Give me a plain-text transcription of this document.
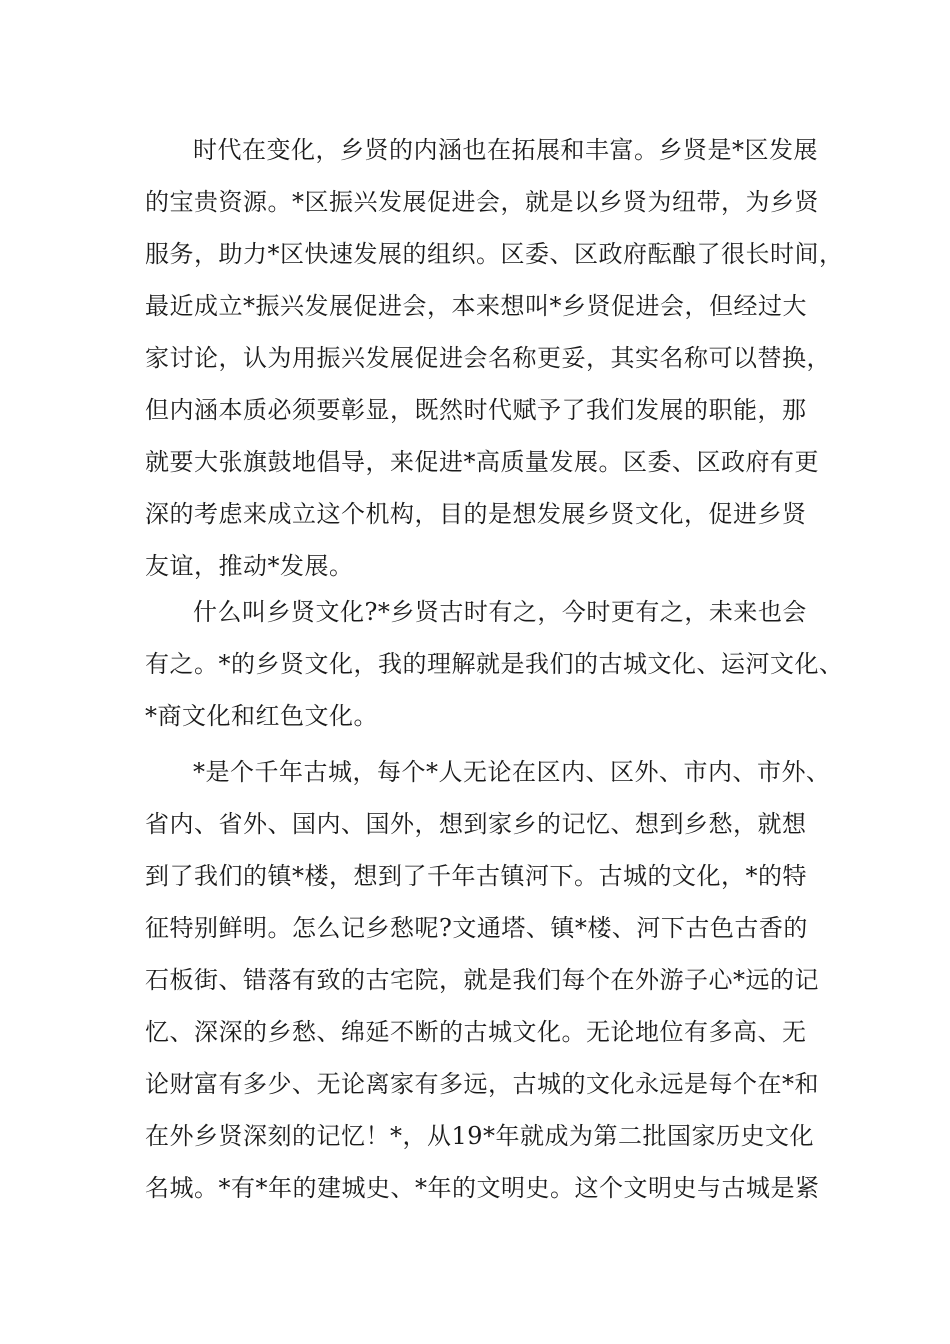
时代在变化，乡贤的内涵也在拓展和丰富。乡贤是*区发展
的宝贵资源。*区振兴发展促进会，就是以乡贤为纽带，为乡贤
服务，助力*区快速发展的组织。区委、区政府酝酿了很长时间，
最近成立*振兴发展促进会，本来想叫*乡贤促进会，但经过大
家讨论，认为用振兴发展促进会名称更妥，其实名称可以替换，
但内涵本质必须要彰显，既然时代赋予了我们发展的职能，那
就要大张旗鼓地倡导，来促进*高质量发展。区委、区政府有更
深的考虑来成立这个机构，目的是想发展乡贤文化，促进乡贤
友谊，推动*发展。
什么叫乡贤文化?*乡贤古时有之，今时更有之，未来也会
有之。*的乡贤文化，我的理解就是我们的古城文化、运河文化、
*商文化和红色文化。
*是个千年古城，每个*人无论在区内、区外、市内、市外、
省内、省外、国内、国外，想到家乡的记忆、想到乡愁，就想
到了我们的镇*楼，想到了千年古镇河下。古城的文化，*的特
征特别鲜明。怎么记乡愁呢?文通塔、镇*楼、河下古色古香的
石板街、错落有致的古宅院，就是我们每个在外游子心*远的记
忆、深深的乡愁、绵延不断的古城文化。无论地位有多高、无
论财富有多少、无论离家有多远，古城的文化永远是每个在*和
在外乡贤深刻的记忆！*，从19*年就成为第二批国家历史文化
名城。*有*年的建城史、*年的文明史。这个文明史与古城是紧
